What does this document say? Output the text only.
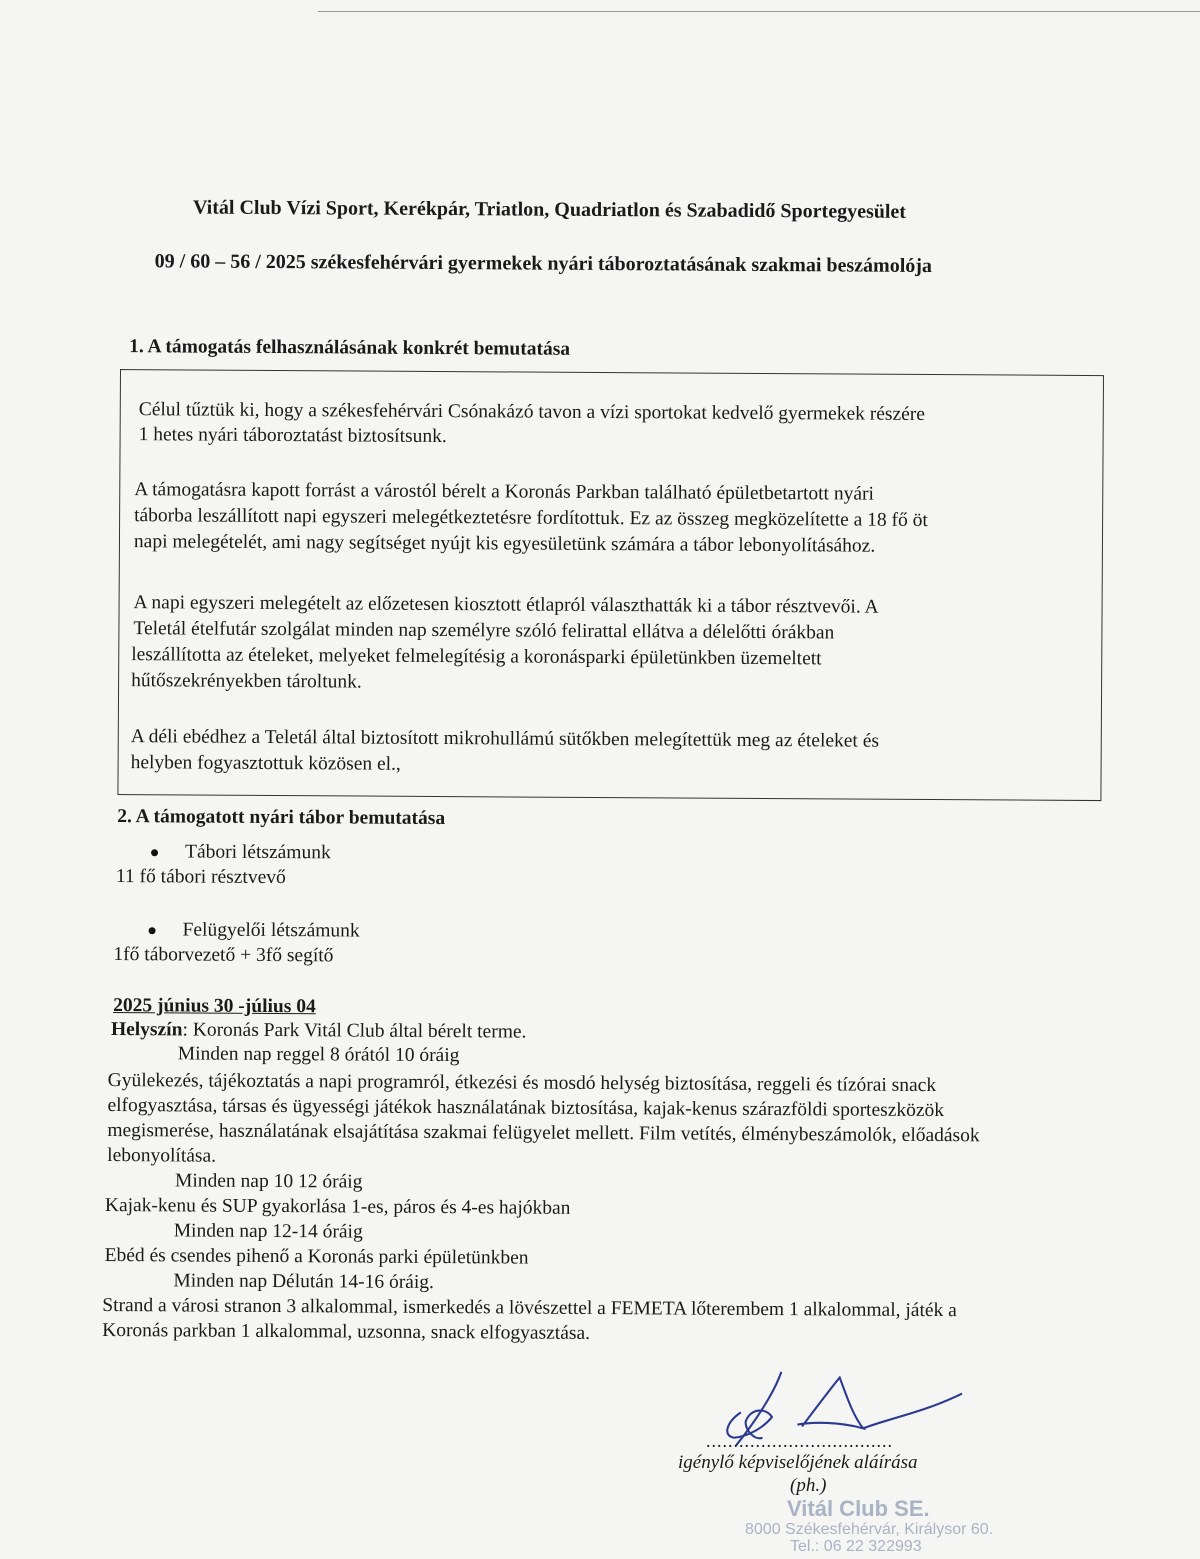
Vitál Club Vízi Sport, Kerékpár, Triatlon, Quadriatlon és Szabadidő Sportegyesület
09 / 60 – 56 / 2025 székesfehérvári gyermekek nyári táboroztatásának szakmai beszámolója
1. A támogatás felhasználásának konkrét bemutatása
Célul tűztük ki, hogy a székesfehérvári Csónakázó tavon a vízi sportokat kedvelő gyermekek részére
1 hetes nyári táboroztatást biztosítsunk.
A támogatásra kapott forrást a várostól bérelt a Koronás Parkban található épületbetartott nyári
táborba leszállított napi egyszeri melegétkeztetésre fordítottuk. Ez az összeg megközelítette a 18 fő öt
napi melegételét, ami nagy segítséget nyújt kis egyesületünk számára a tábor lebonyolításához.
A napi egyszeri melegételt az előzetesen kiosztott étlapról választhatták ki a tábor résztvevői. A
Teletál ételfutár szolgálat minden nap személyre szóló felirattal ellátva a délelőtti órákban
leszállította az ételeket, melyeket felmelegítésig a koronásparki épületünkben üzemeltett
hűtőszekrényekben tároltunk.
A déli ebédhez a Teletál által biztosított mikrohullámú sütőkben melegítettük meg az ételeket és
helyben fogyasztottuk közösen el.,
2. A támogatott nyári tábor bemutatása
Tábori létszámunk
11 fő tábori résztvevő
Felügyelői létszámunk
1fő táborvezető + 3fő segítő
2025 június 30 -július 04
Helyszín: Koronás Park Vitál Club által bérelt terme.
Minden nap reggel 8 órától 10 óráig
Gyülekezés, tájékoztatás a napi programról, étkezési és mosdó helység biztosítása, reggeli és tízórai snack
elfogyasztása, társas és ügyességi játékok használatának biztosítása, kajak-kenus szárazföldi sporteszközök
megismerése, használatának elsajátítása szakmai felügyelet mellett. Film vetítés, élménybeszámolók, előadások
lebonyolítása.
Minden nap 10 12 óráig
Kajak-kenu és SUP gyakorlása 1-es, páros és 4-es hajókban
Minden nap 12-14 óráig
Ebéd és csendes pihenő a Koronás parki épületünkben
Minden nap Délután 14-16 óráig.
Strand a városi stranon 3 alkalommal, ismerkedés a lövészettel a FEMETA lőterembem 1 alkalommal, játék a
Koronás parkban 1 alkalommal, uzsonna, snack elfogyasztása.
..................................
igénylő képviselőjének aláírása
(ph.)
Vitál Club SE.
8000 Székesfehérvár, Királysor 60.
Tel.: 06 22 322993
